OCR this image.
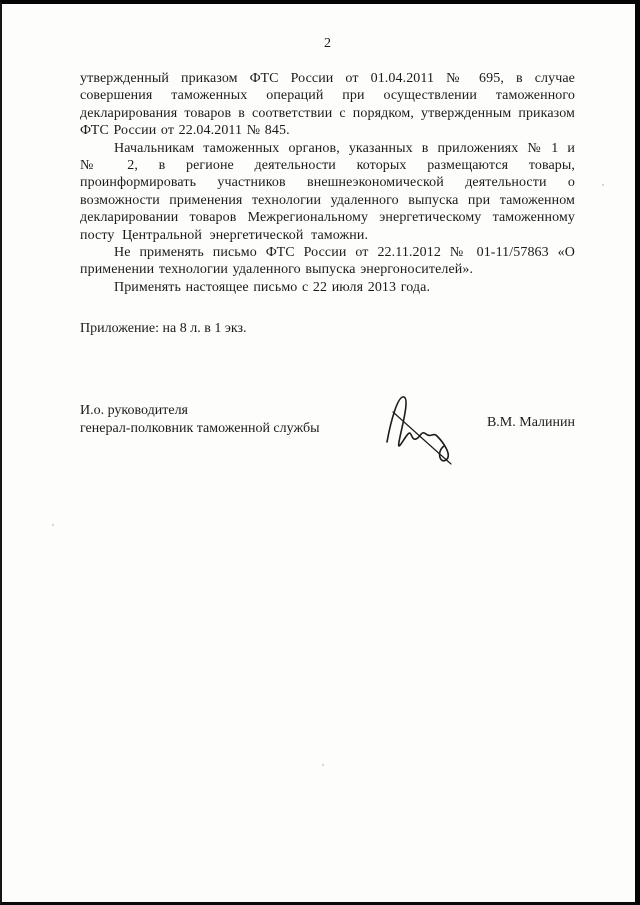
2

утвержденный приказом ФТС России от 01.04.2011 № 695, в случае совершения таможенных операций при осуществлении таможенного декларирования товаров в соответствии с порядком, утвержденным приказом ФТС России от 22.04.2011 № 845.

Начальникам таможенных органов, указанных в приложениях № 1 и № 2, в регионе деятельности которых размещаются товары, проинформировать участников внешнеэкономической деятельности о возможности применения технологии удаленного выпуска при таможенном декларировании товаров Межрегиональному энергетическому таможенному посту Центральной энергетической таможни.

Не применять письмо ФТС России от 22.11.2012 № 01-11/57863 «О применении технологии удаленного выпуска энергоносителей».

Применять настоящее письмо с 22 июля 2013 года.

Приложение: на 8 л. в 1 экз.

И.о. руководителя
генерал-полковник таможенной службы	В.М. Малинин
